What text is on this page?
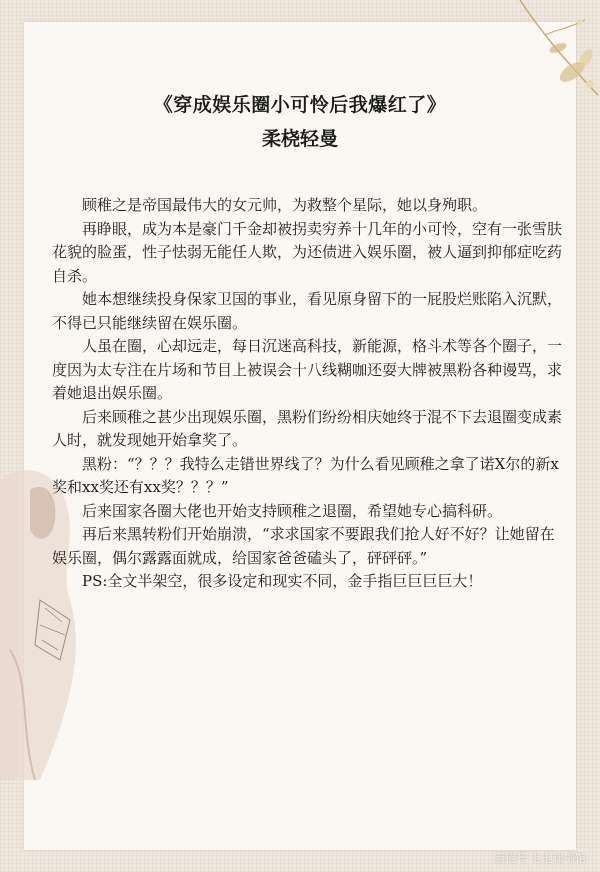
《穿成娱乐圈小可怜后我爆红了》
柔桡轻曼

顾稚之是帝国最伟大的女元帅，为救整个星际，她以身殉职。

再睁眼，成为本是豪门千金却被拐卖穷养十几年的小可怜，空有一张雪肤花貌的脸蛋，性子怯弱无能任人欺，为还债进入娱乐圈，被人逼到抑郁症吃药自杀。

她本想继续投身保家卫国的事业，看见原身留下的一屁股烂账陷入沉默，不得已只能继续留在娱乐圈。

人虽在圈，心却远走，每日沉迷高科技，新能源，格斗术等各个圈子，一度因为太专注在片场和节目上被误会十八线糊咖还耍大牌被黑粉各种谩骂，求着她退出娱乐圈。

后来顾稚之甚少出现娱乐圈，黑粉们纷纷相庆她终于混不下去退圈变成素人时，就发现她开始拿奖了。

黑粉：“？？？我特么走错世界线了？为什么看见顾稚之拿了诺X尔的新x奖和xx奖还有xx奖？？？”

后来国家各圈大佬也开始支持顾稚之退圈，希望她专心搞科研。

再后来黑转粉们开始崩溃，“求求国家不要跟我们抢人好不好？让她留在娱乐圈，偶尔露露面就成，给国家爸爸磕头了，砰砰砰。”

PS:全文半架空，很多设定和现实不同，金手指巨巨巨巨大！

百度号 七七谈书馆
